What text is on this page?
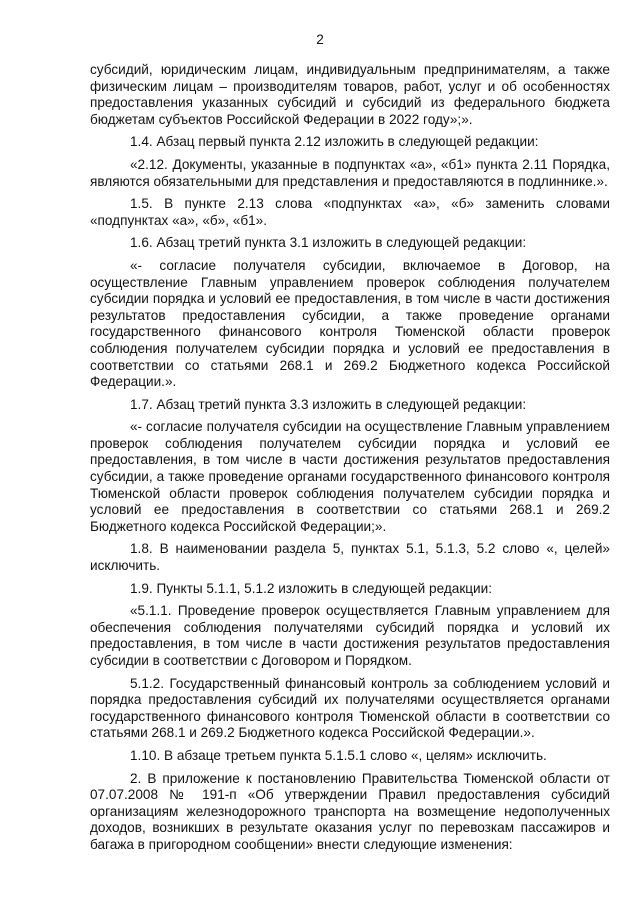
2

субсидий, юридическим лицам, индивидуальным предпринимателям, а также физическим лицам – производителям товаров, работ, услуг и об особенностях предоставления указанных субсидий и субсидий из федерального бюджета бюджетам субъектов Российской Федерации в 2022 году»;».

1.4. Абзац первый пункта 2.12 изложить в следующей редакции:

«2.12. Документы, указанные в подпунктах «а», «б1» пункта 2.11 Порядка, являются обязательными для представления и предоставляются в подлиннике.».

1.5. В пункте 2.13 слова «подпунктах «а», «б» заменить словами «подпунктах «а», «б», «б1».

1.6. Абзац третий пункта 3.1 изложить в следующей редакции:

«- согласие получателя субсидии, включаемое в Договор, на осуществление Главным управлением проверок соблюдения получателем субсидии порядка и условий ее предоставления, в том числе в части достижения результатов предоставления субсидии, а также проведение органами государственного финансового контроля Тюменской области проверок соблюдения получателем субсидии порядка и условий ее предоставления в соответствии со статьями 268.1 и 269.2 Бюджетного кодекса Российской Федерации.».

1.7. Абзац третий пункта 3.3 изложить в следующей редакции:

«- согласие получателя субсидии на осуществление Главным управлением проверок соблюдения получателем субсидии порядка и условий ее предоставления, в том числе в части достижения результатов предоставления субсидии, а также проведение органами государственного финансового контроля Тюменской области проверок соблюдения получателем субсидии порядка и условий ее предоставления в соответствии со статьями 268.1 и 269.2 Бюджетного кодекса Российской Федерации;».

1.8. В наименовании раздела 5, пунктах 5.1, 5.1.3, 5.2 слово «, целей» исключить.

1.9. Пункты 5.1.1, 5.1.2 изложить в следующей редакции:

«5.1.1. Проведение проверок осуществляется Главным управлением для обеспечения соблюдения получателями субсидий порядка и условий их предоставления, в том числе в части достижения результатов предоставления субсидии в соответствии с Договором и Порядком.

5.1.2. Государственный финансовый контроль за соблюдением условий и порядка предоставления субсидий их получателями осуществляется органами государственного финансового контроля Тюменской области в соответствии со статьями 268.1 и 269.2 Бюджетного кодекса Российской Федерации.».

1.10. В абзаце третьем пункта 5.1.5.1 слово «, целям» исключить.

2. В приложение к постановлению Правительства Тюменской области от 07.07.2008 № 191-п «Об утверждении Правил предоставления субсидий организациям железнодорожного транспорта на возмещение недополученных доходов, возникших в результате оказания услуг по перевозкам пассажиров и багажа в пригородном сообщении» внести следующие изменения:
